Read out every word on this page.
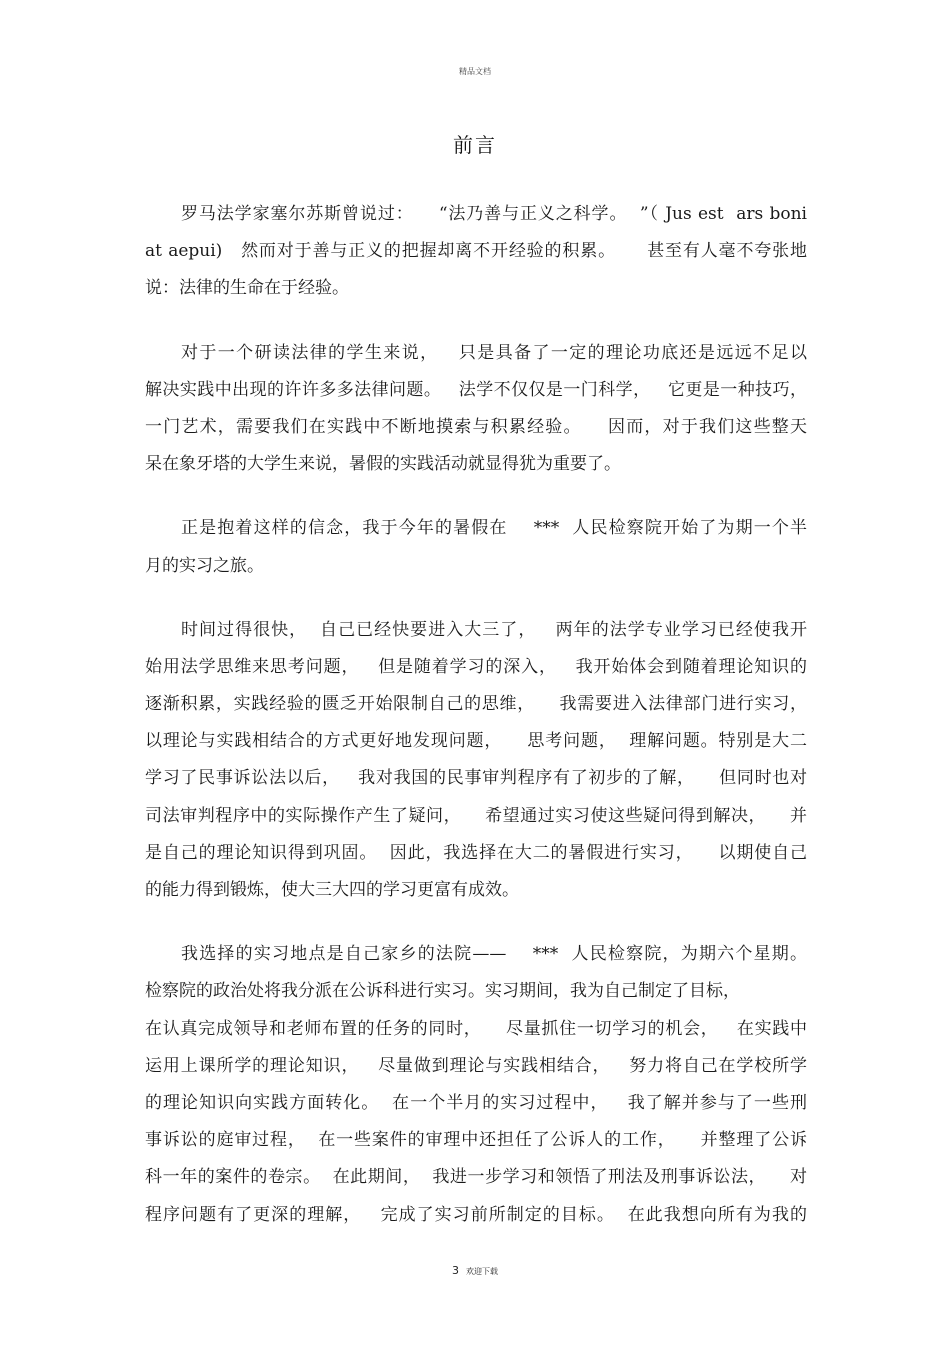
精品文档
前言
罗马法学家塞尔苏斯曾说过：    “法乃善与正义之科学。  ”（ Jus est  ars boni
at aepui)   然而对于善与正义的把握却离不开经验的积累。     甚至有人毫不夸张地
说：法律的生命在于经验。
对于一个研读法律的学生来说，   只是具备了一定的理论功底还是远远不足以
解决实践中出现的许许多多法律问题。   法学不仅仅是一门科学，   它更是一种技巧，
一门艺术，需要我们在实践中不断地摸索与积累经验。    因而，对于我们这些整天
呆在象牙塔的大学生来说，暑假的实践活动就显得犹为重要了。
正是抱着这样的信念，我于今年的暑假在    ***  人民检察院开始了为期一个半
月的实习之旅。
时间过得很快，  自己已经快要进入大三了，   两年的法学专业学习已经使我开
始用法学思维来思考问题，   但是随着学习的深入，   我开始体会到随着理论知识的
逐渐积累，实践经验的匮乏开始限制自己的思维，    我需要进入法律部门进行实习，
以理论与实践相结合的方式更好地发现问题，    思考问题，  理解问题。特别是大二
学习了民事诉讼法以后，   我对我国的民事审判程序有了初步的了解，    但同时也对
司法审判程序中的实际操作产生了疑问，    希望通过实习使这些疑问得到解决，    并
是自己的理论知识得到巩固。  因此，我选择在大二的暑假进行实习，    以期使自己
的能力得到锻炼，使大三大四的学习更富有成效。
我选择的实习地点是自己家乡的法院——    ***  人民检察院，为期六个星期。
检察院的政治处将我分派在公诉科进行实习。实习期间，我为自己制定了目标，
在认真完成领导和老师布置的任务的同时，    尽量抓住一切学习的机会，   在实践中
运用上课所学的理论知识，   尽量做到理论与实践相结合，   努力将自己在学校所学
的理论知识向实践方面转化。  在一个半月的实习过程中，   我了解并参与了一些刑
事诉讼的庭审过程，  在一些案件的审理中还担任了公诉人的工作，    并整理了公诉
科一年的案件的卷宗。  在此期间，  我进一步学习和领悟了刑法及刑事诉讼法，    对
程序问题有了更深的理解，   完成了实习前所制定的目标。  在此我想向所有为我的
3 欢迎下载
